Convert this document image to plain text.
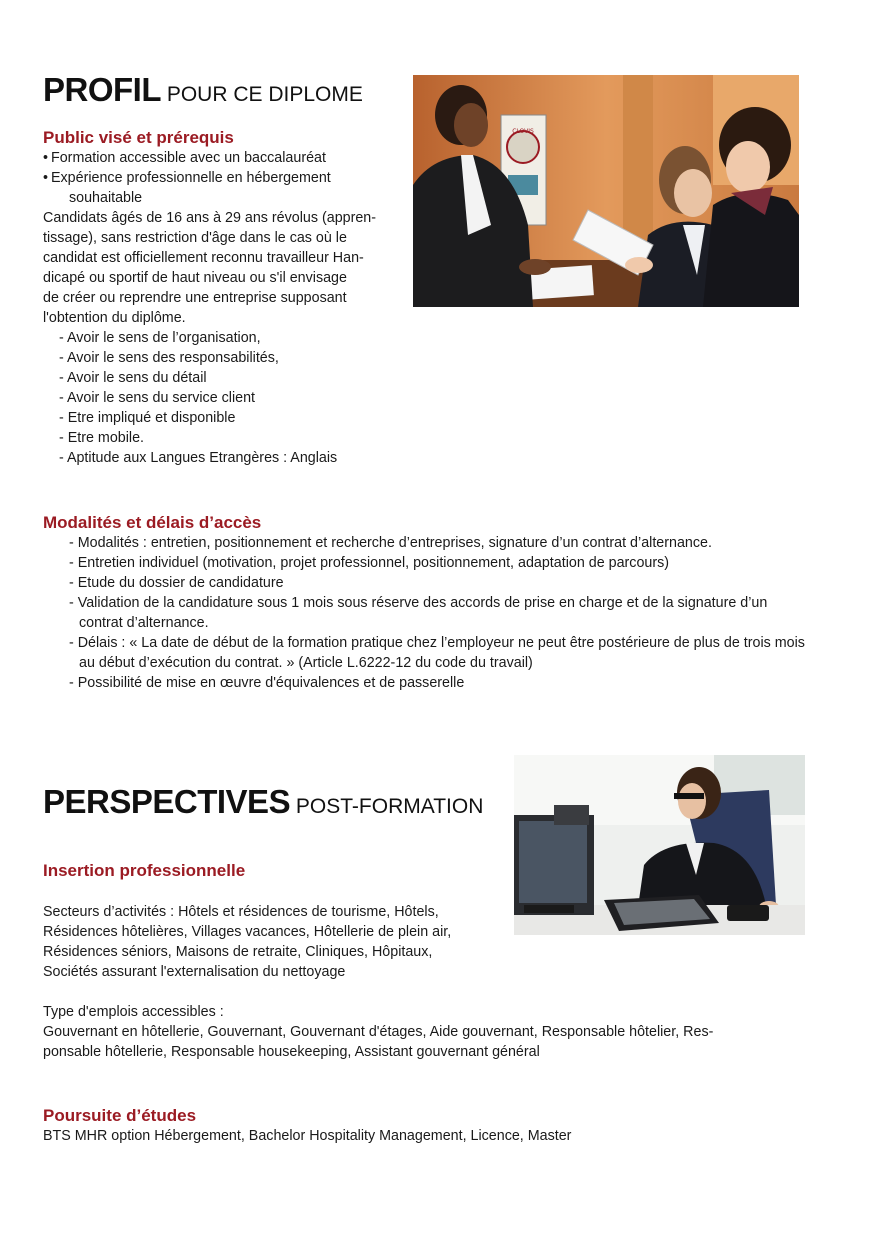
PROFIL POUR CE DIPLOME
Public visé et prérequis
• Formation accessible avec un baccalauréat
• Expérience professionnelle en hébergement souhaitable

Candidats âgés de 16 ans à 29 ans révolus (appren-
tissage), sans restriction d'âge dans le cas où le
candidat est officiellement reconnu travailleur Han-
dicapé ou sportif de haut niveau ou s'il envisage
de créer ou reprendre une entreprise supposant
l'obtention du diplôme.

- Avoir le sens de l’organisation,
- Avoir le sens des responsabilités,
- Avoir le sens du détail
- Avoir le sens du service client
- Etre impliqué et disponible
- Etre mobile.
- Aptitude aux Langues Etrangères : Anglais
CLOVIS
Modalités et délais d’accès
- Modalités : entretien, positionnement et recherche d’entreprises, signature d’un contrat d’alternance.
- Entretien individuel (motivation, projet professionnel, positionnement, adaptation de parcours)
- Etude du dossier de candidature
- Validation de la candidature sous 1 mois sous réserve des accords de prise en charge et de la signature d’un contrat d’alternance.
- Délais : « La date de début de la formation pratique chez l’employeur ne peut être postérieure de plus de trois mois au début d’exécution du contrat. » (Article L.6222-12 du code du travail)
- Possibilité de mise en œuvre d'équivalences et de passerelle
PERSPECTIVES POST-FORMATION
Insertion professionnelle

Secteurs d’activités : Hôtels et résidences de tourisme, Hôtels,
Résidences hôtelières, Villages vacances, Hôtellerie de plein air,
Résidences séniors, Maisons de retraite, Cliniques, Hôpitaux,
Sociétés assurant l'externalisation du nettoyage

Type d'emplois accessibles :

Gouvernant en hôtellerie, Gouvernant, Gouvernant d'étages, Aide gouvernant, Responsable hôtelier, Res-
ponsable hôtellerie, Responsable housekeeping, Assistant gouvernant général

Poursuite d’études

BTS MHR option Hébergement, Bachelor Hospitality Management, Licence, Master
